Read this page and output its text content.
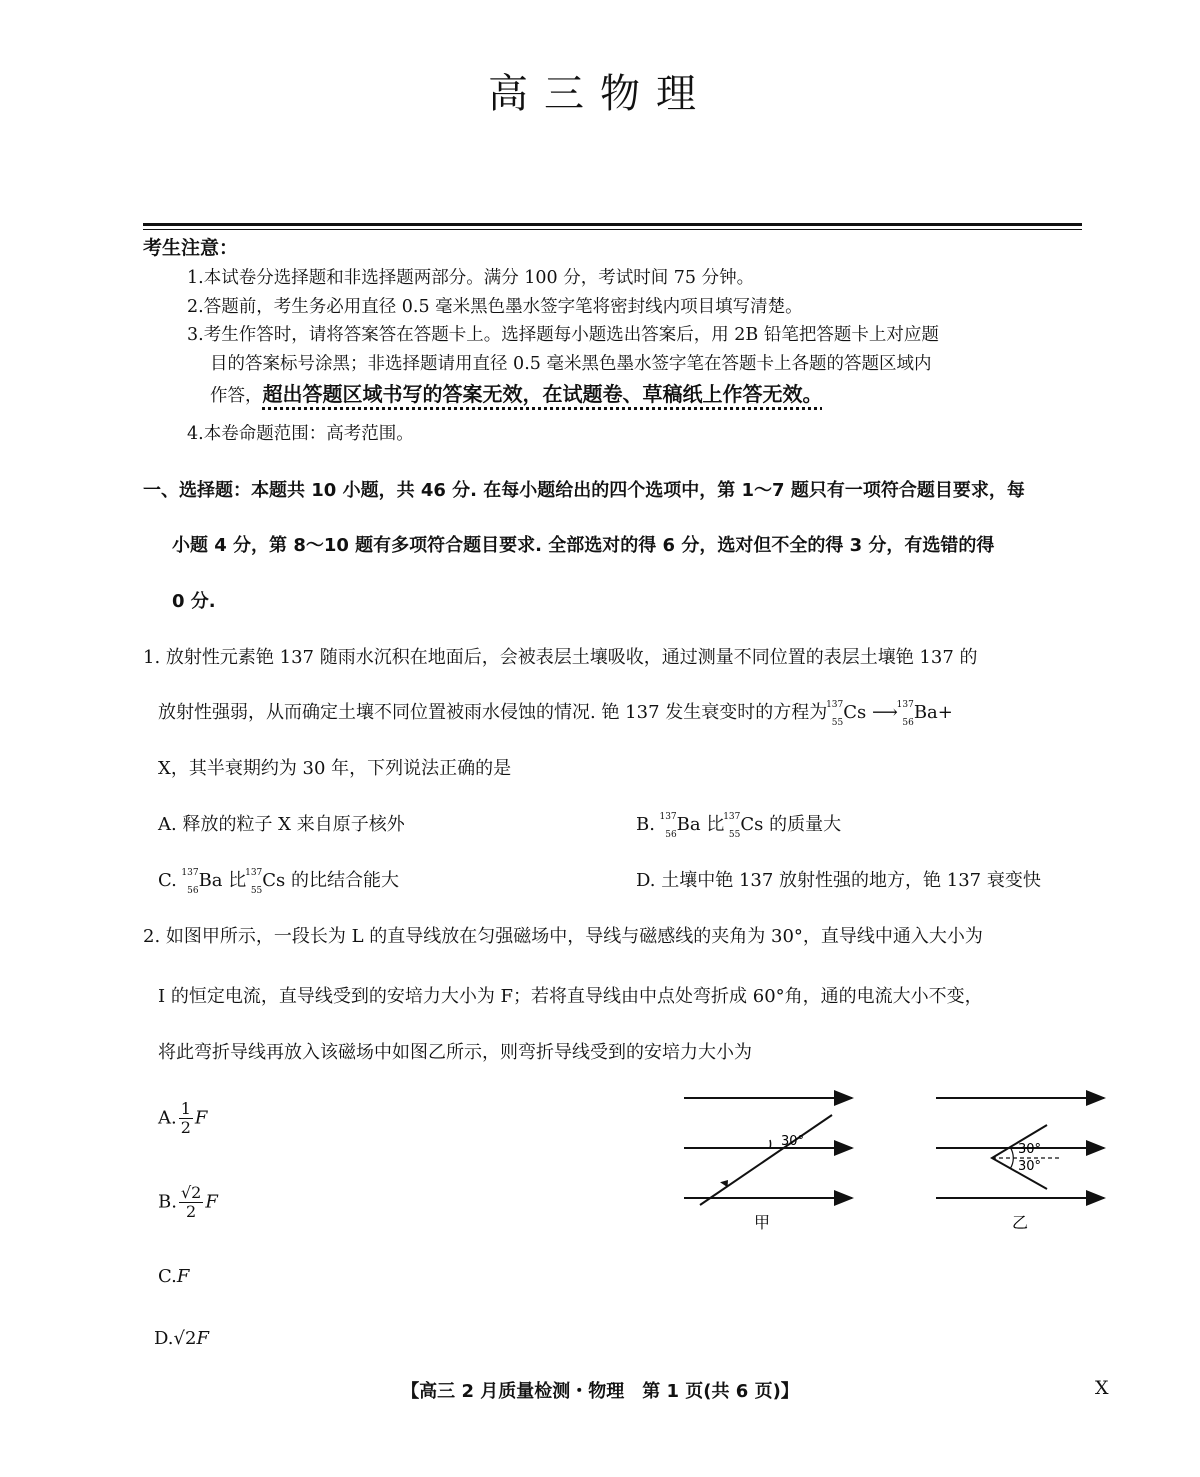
高三物理
考生注意：
1.本试卷分选择题和非选择题两部分。满分 100 分，考试时间 75 分钟。
2.答题前，考生务必用直径 0.5 毫米黑色墨水签字笔将密封线内项目填写清楚。
3.考生作答时，请将答案答在答题卡上。选择题每小题选出答案后，用 2B 铅笔把答题卡上对应题
目的答案标号涂黑；非选择题请用直径 0.5 毫米黑色墨水签字笔在答题卡上各题的答题区域内
作答，超出答题区域书写的答案无效，在试题卷、草稿纸上作答无效。
4.本卷命题范围：高考范围。
一、选择题：本题共 10 小题，共 46 分. 在每小题给出的四个选项中，第 1～7 题只有一项符合题目要求，每
小题 4 分，第 8～10 题有多项符合题目要求. 全部选对的得 6 分，选对但不全的得 3 分，有选错的得
0 分.
1. 放射性元素铯 137 随雨水沉积在地面后，会被表层土壤吸收，通过测量不同位置的表层土壤铯 137 的
放射性强弱，从而确定土壤不同位置被雨水侵蚀的情况. 铯 137 发生衰变时的方程为
137
55 Cs ⟶
137
56 Ba+
X，其半衰期约为 30 年，下列说法正确的是
A. 释放的粒子 X 来自原子核外	B.
137
56 Ba 比
137
55 Cs 的质量大
C.
137
56 Ba 比
137
55 Cs 的比结合能大	D. 土壤中铯 137 放射性强的地方，铯 137 衰变快
2. 如图甲所示，一段长为 L 的直导线放在匀强磁场中，导线与磁感线的夹角为 30°，直导线中通入大小为
I 的恒定电流，直导线受到的安培力大小为 F；若将直导线由中点处弯折成 60°角，通的电流大小不变，
将此弯折导线再放入该磁场中如图乙所示，则弯折导线受到的安培力大小为
A. $\frac{1}{2}$ F
B. $\frac{√2}{2}$ F
C.F
D.√2F
30°
甲
30°
30°
乙
【高三 2 月质量检测・物理　第 1 页(共 6 页)】	X
